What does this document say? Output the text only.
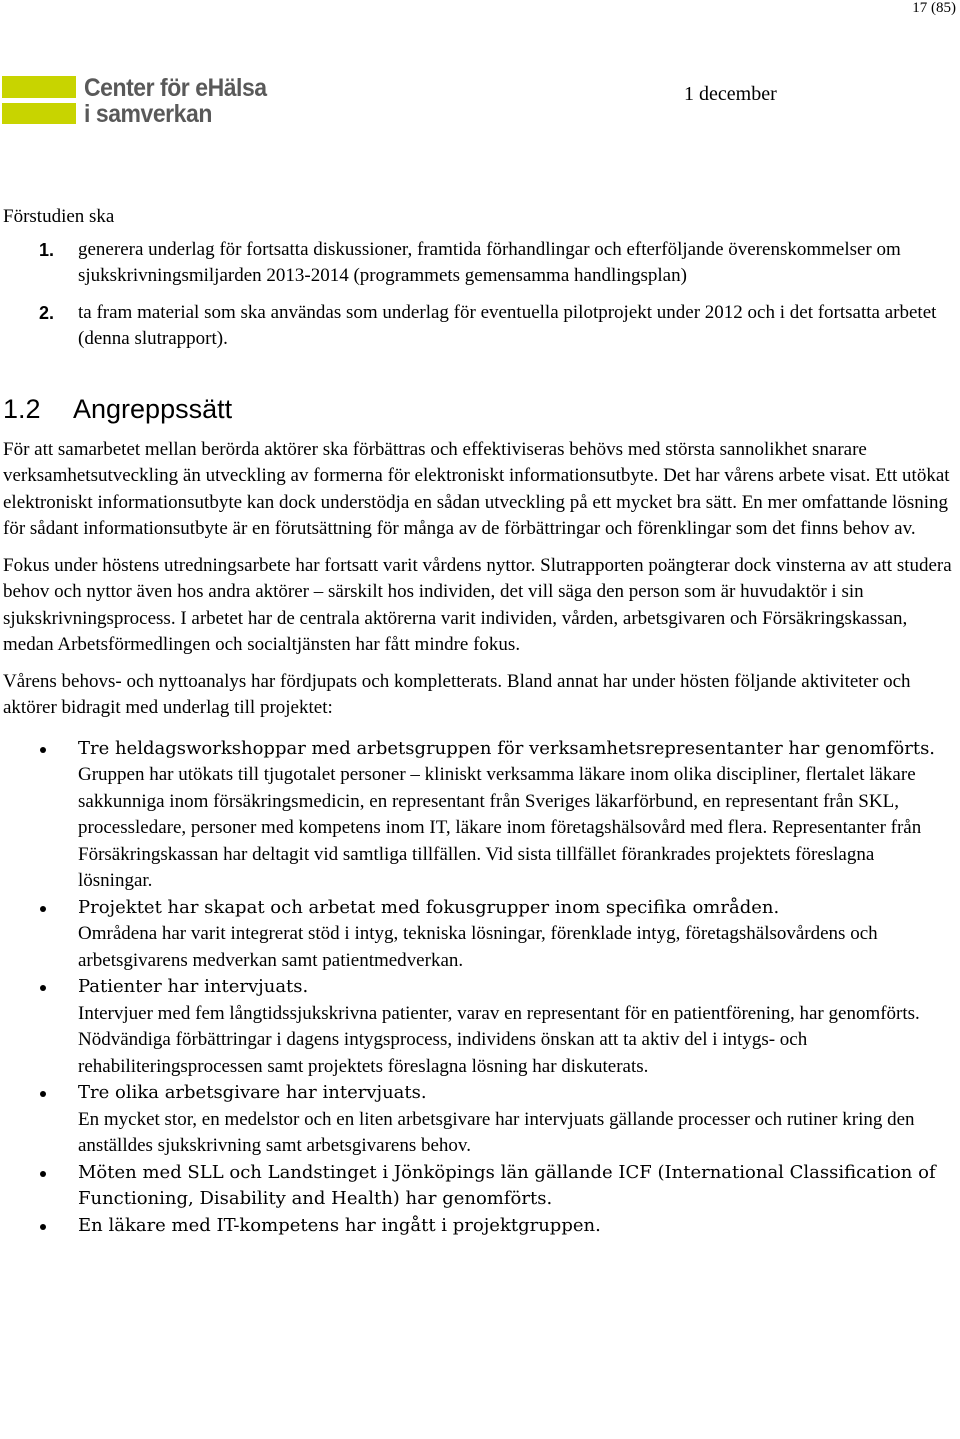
17 (85)
Center för eHälsa
i samverkan
1 december

Förstudien ska

1. generera underlag för fortsatta diskussioner, framtida förhandlingar och efterföljande överenskommelser om sjukskrivningsmiljarden 2013-2014 (programmets gemensamma handlingsplan)
2. ta fram material som ska användas som underlag för eventuella pilotprojekt under 2012 och i det fortsatta arbetet (denna slutrapport).
1.2	Angreppssätt

För att samarbetet mellan berörda aktörer ska förbättras och effektiviseras behövs med största sannolikhet snarare verksamhetsutveckling än utveckling av formerna för elektroniskt informationsutbyte. Det har vårens arbete visat. Ett utökat elektroniskt informationsutbyte kan dock understödja en sådan utveckling på ett mycket bra sätt. En mer omfattande lösning för sådant informationsutbyte är en förutsättning för många av de förbättringar och förenklingar som det finns behov av.

Fokus under höstens utredningsarbete har fortsatt varit vårdens nyttor. Slutrapporten poängterar dock vinsterna av att studera behov och nyttor även hos andra aktörer – särskilt hos individen, det vill säga den person som är huvudaktör i sin sjukskrivningsprocess. I arbetet har de centrala aktörerna varit individen, vården, arbetsgivaren och Försäkringskassan, medan Arbetsförmedlingen och socialtjänsten har fått mindre fokus.

Vårens behovs- och nyttoanalys har fördjupats och kompletterats. Bland annat har under hösten följande aktiviteter och aktörer bidragit med underlag till projektet:

Tre heldagsworkshoppar med arbetsgruppen för verksamhetsrepresentanter har genomförts.
Gruppen har utökats till tjugotalet personer – kliniskt verksamma läkare inom olika discipliner, flertalet läkare sakkunniga inom försäkringsmedicin, en representant från Sveriges läkarförbund, en representant från SKL, processledare, personer med kompetens inom IT, läkare inom företagshälsovård med flera. Representanter från Försäkringskassan har deltagit vid samtliga tillfällen. Vid sista tillfället förankrades projektets föreslagna lösningar.
Projektet har skapat och arbetat med fokusgrupper inom specifika områden.
Områdena har varit integrerat stöd i intyg, tekniska lösningar, förenklade intyg, företagshälsovårdens och arbetsgivarens medverkan samt patientmedverkan.
Patienter har intervjuats.
Intervjuer med fem långtidssjukskrivna patienter, varav en representant för en patientförening, har genomförts. Nödvändiga förbättringar i dagens intygsprocess, individens önskan att ta aktiv del i intygs- och rehabiliteringsprocessen samt projektets föreslagna lösning har diskuterats.
Tre olika arbetsgivare har intervjuats.
En mycket stor, en medelstor och en liten arbetsgivare har intervjuats gällande processer och rutiner kring den anställdes sjukskrivning samt arbetsgivarens behov.
Möten med SLL och Landstinget i Jönköpings län gällande ICF (International Classification of Functioning, Disability and Health) har genomförts.
En läkare med IT-kompetens har ingått i projektgruppen.
